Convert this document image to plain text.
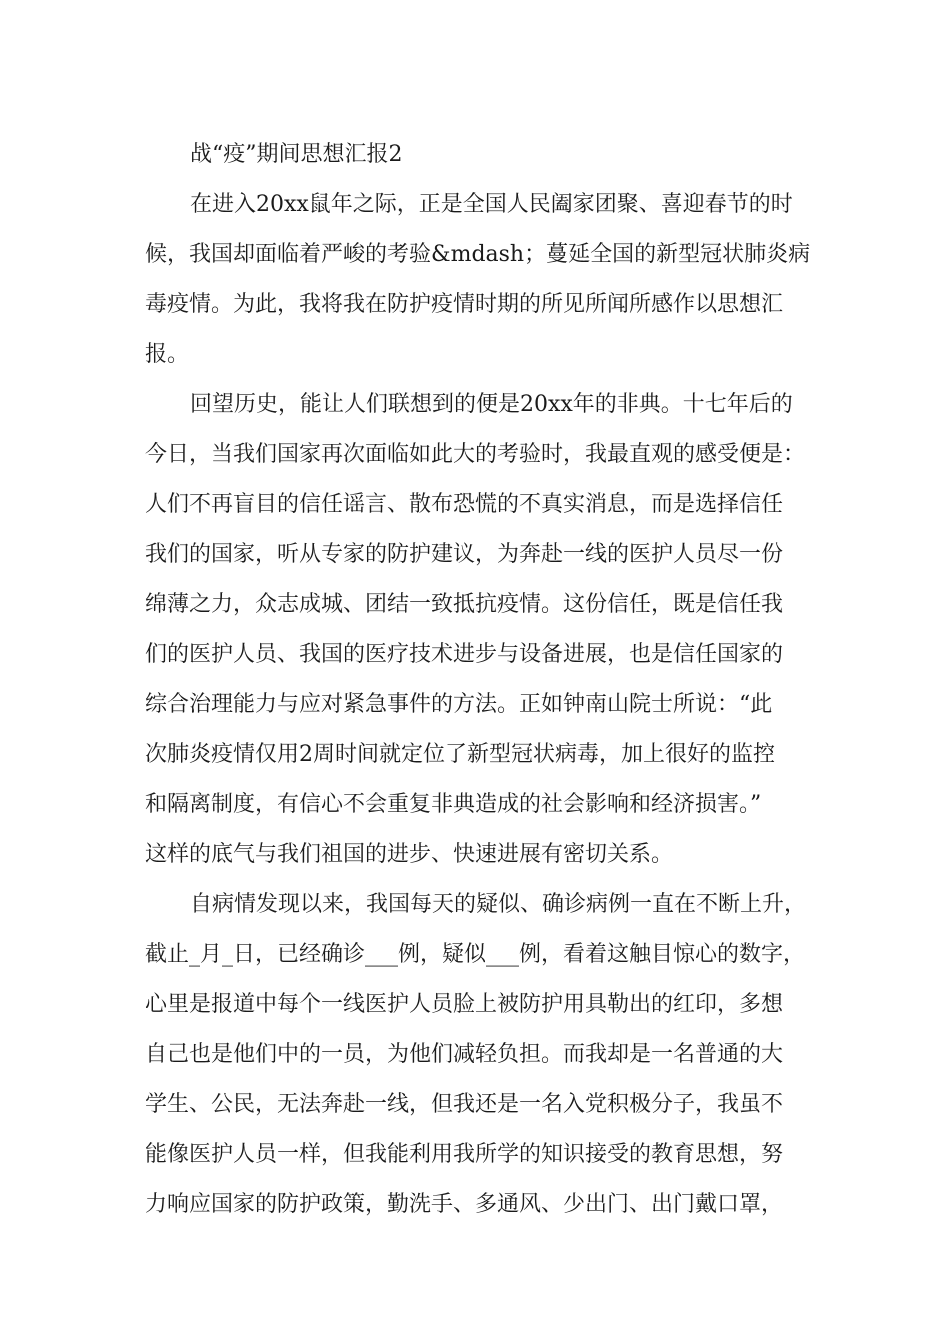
战“疫”期间思想汇报2

在进入20xx鼠年之际，正是全国人民阖家团聚、喜迎春节的时
候，我国却面临着严峻的考验&mdash；蔓延全国的新型冠状肺炎病
毒疫情。为此，我将我在防护疫情时期的所见所闻所感作以思想汇
报。

回望历史，能让人们联想到的便是20xx年的非典。十七年后的
今日，当我们国家再次面临如此大的考验时，我最直观的感受便是：
人们不再盲目的信任谣言、散布恐慌的不真实消息，而是选择信任
我们的国家，听从专家的防护建议，为奔赴一线的医护人员尽一份
绵薄之力，众志成城、团结一致抵抗疫情。这份信任，既是信任我
们的医护人员、我国的医疗技术进步与设备进展，也是信任国家的
综合治理能力与应对紧急事件的方法。正如钟南山院士所说：“此
次肺炎疫情仅用2周时间就定位了新型冠状病毒，加上很好的监控
和隔离制度，有信心不会重复非典造成的社会影响和经济损害。”
这样的底气与我们祖国的进步、快速进展有密切关系。

自病情发现以来，我国每天的疑似、确诊病例一直在不断上升，
截止_月_日，已经确诊___例，疑似___例，看着这触目惊心的数字，
心里是报道中每个一线医护人员脸上被防护用具勒出的红印，多想
自己也是他们中的一员，为他们减轻负担。而我却是一名普通的大
学生、公民，无法奔赴一线，但我还是一名入党积极分子，我虽不
能像医护人员一样，但我能利用我所学的知识接受的教育思想，努
力响应国家的防护政策，勤洗手、多通风、少出门、出门戴口罩，
